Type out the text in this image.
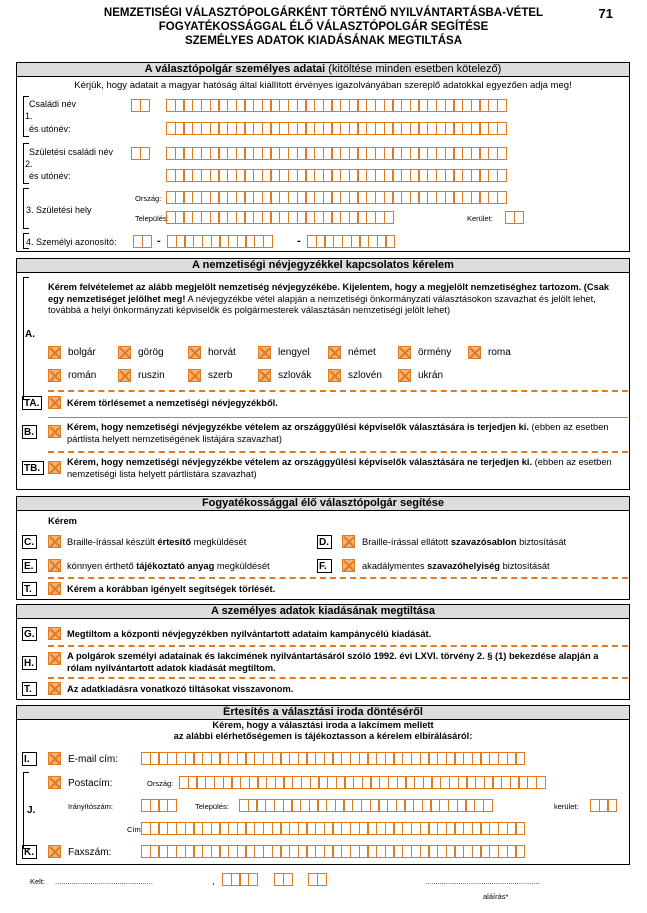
NEMZETISÉGI VÁLASZTÓPOLGÁRKÉNT TÖRTÉNŐ NYILVÁNTARTÁSBA-VÉTEL
FOGYATÉKOSSÁGGAL ÉLŐ VÁLASZTÓPOLGÁR SEGÍTÉSE
SZEMÉLYES ADATOK KIADÁSÁNAK MEGTILTÁSA
71
A választópolgár személyes adatai (kitöltése minden esetben kötelező)
Kérjük, hogy adatait a magyar hatóság által kiállított érvényes igazolványában szereplő adatokkal egyezően adja meg!
Családi név
1.
és utónév:
Születési családi név
2.
és utónév:
3. Születési hely
Ország:
Település:	Kerület:
4. Személyi azonosító:	-	-
A nemzetiségi névjegyzékkel kapcsolatos kérelem
A.
Kérem felvételemet az alább megjelölt nemzetiség névjegyzékébe. Kijelentem, hogy a megjelölt nemzetiséghez tartozom. (Csak egy nemzetiséget jelölhet meg! A névjegyzékbe vétel alapján a nemzetiségi önkormányzati választásokon szavazhat és jelölt lehet, továbbá a helyi önkormányzati képviselők és polgármesterek választásán nemzetiségi jelölt lehet)
bolgár	görög	horvát	lengyel	német	örmény	roma
román	ruszin	szerb	szlovák	szlovén	ukrán
TA.	Kérem törlésemet a nemzetiségi névjegyzékből.
B.	Kérem, hogy nemzetiségi névjegyzékbe vételem az országgyűlési képviselők választására is terjedjen ki. (ebben az esetben pártlista helyett nemzetiségének listájára szavazhat)
TB.
Kérem, hogy nemzetiségi névjegyzékbe vételem az országgyűlési képviselők választására ne terjedjen ki. (ebben az esetben nemzetiségi lista helyett pártlistára szavazhat)
Fogyatékossággal élő választópolgár segítése
Kérem
C.	Braille-írással készült értesítő megküldését	D.	Braille-írással ellátott szavazósablon biztosítását
E.	könnyen érthető tájékoztató anyag megküldését	F.	akadálymentes szavazóhelyiség biztosítását
T.	Kérem a korábban igényelt segítségek törlését.
A személyes adatok kiadásának megtiltása
G.	Megtiltom a központi névjegyzékben nyilvántartott adataim kampánycélú kiadását.
H.
A polgárok személyi adatainak és lakcímének nyilvántartásáról szóló 1992. évi LXVI. törvény 2. § (1) bekezdése alapján a rólam nyilvántartott adatok kiadását megtiltom.
T.	Az adatkiadásra vonatkozó tiltásokat visszavonom.
Értesítés a választási iroda döntéséről
Kérem, hogy a választási iroda a lakcímem mellett
az alábbi elérhetőségemen is tájékoztasson a kérelem elbírálásáról:
I.	E-mail cím:
J.
Postacím:	Ország:
Irányítószám:	Település:	kerület:
Cím:
K.	Faxszám:
Kelt: ...............................................	,	.......................................................
aláírás*
